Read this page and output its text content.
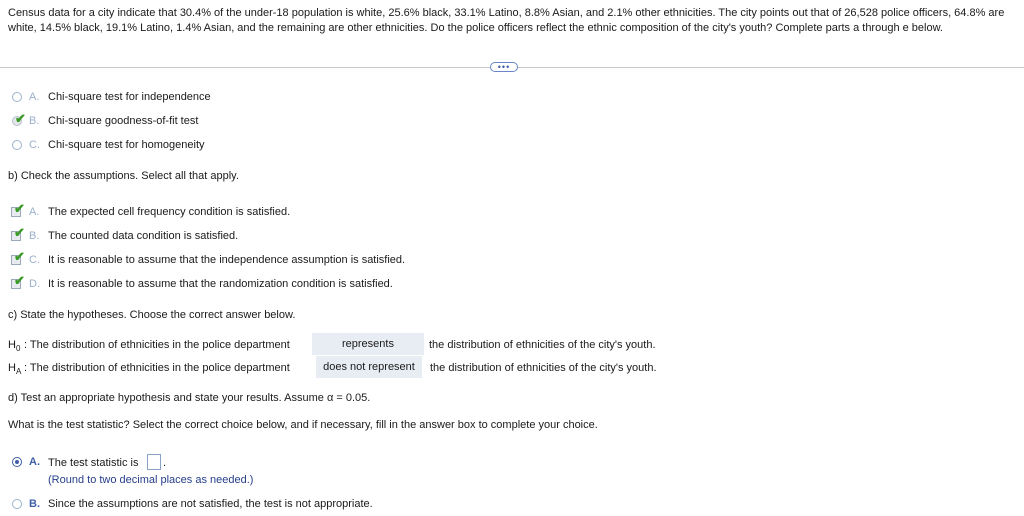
Census data for a city indicate that 30.4% of the under-18 population is white, 25.6% black, 33.1% Latino, 8.8% Asian, and 2.1% other ethnicities. The city points out that of 26,528 police officers, 64.8% are white, 14.5% black, 19.1% Latino, 1.4% Asian, and the remaining are other ethnicities. Do the police officers reflect the ethnic composition of the city's youth? Complete parts a through e below.
•••
A. Chi-square test for independence
✔ B. Chi-square goodness-of-fit test
C. Chi-square test for homogeneity
b) Check the assumptions. Select all that apply.
✔ A. The expected cell frequency condition is satisfied.
✔ B. The counted data condition is satisfied.
✔ C. It is reasonable to assume that the independence assumption is satisfied.
✔ D. It is reasonable to assume that the randomization condition is satisfied.
c) State the hypotheses. Choose the correct answer below.
$H_0$ : The distribution of ethnicities in the police department	represents	the distribution of ethnicities of the city's youth.
$H_A$ : The distribution of ethnicities in the police department	does not represent	the distribution of ethnicities of the city's youth.
d) Test an appropriate hypothesis and state your results. Assume α = 0.05.
What is the test statistic? Select the correct choice below, and if necessary, fill in the answer box to complete your choice.
A. The test statistic is .
(Round to two decimal places as needed.)
B. Since the assumptions are not satisfied, the test is not appropriate.
